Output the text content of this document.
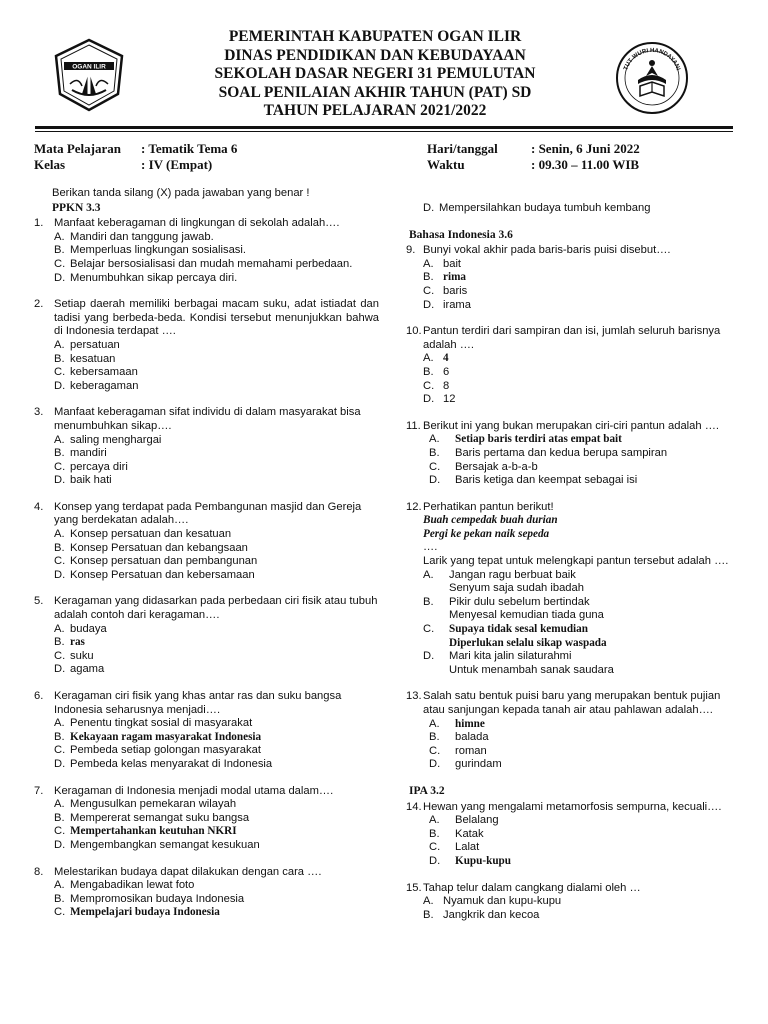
OGAN ILIR
PEMERINTAH KABUPATEN OGAN ILIR
DINAS PENDIDIKAN DAN KEBUDAYAAN
SEKOLAH DASAR NEGERI 31 PEMULUTAN
SOAL PENILAIAN AKHIR TAHUN (PAT) SD
TAHUN PELAJARAN 2021/2022
TUT WURI HANDAYANI
Mata Pelajaran : Tematik Tema 6
Kelas	: IV (Empat)
Hari/tanggal	: Senin, 6 Juni 2022
Waktu	: 09.30 – 11.00 WIB
Berikan tanda silang (X) pada jawaban yang benar !
PPKN 3.3
1. Manfaat keberagaman di lingkungan di sekolah adalah….
A. Mandiri dan tanggung jawab.
B. Memperluas lingkungan sosialisasi.
C. Belajar bersosialisasi dan mudah memahami perbedaan.
D. Menumbuhkan sikap percaya diri.
2. Setiap daerah memiliki berbagai macam suku, adat istiadat dan tadisi yang berbeda-beda. Kondisi tersebut menunjukkan bahwa di Indonesia terdapat ….
A. persatuan
B. kesatuan
C. kebersamaan
D. keberagaman
3. Manfaat keberagaman sifat individu di dalam masyarakat bisa menumbuhkan sikap….
A. saling menghargai
B. mandiri
C. percaya diri
D. baik hati
4. Konsep yang terdapat pada Pembangunan masjid dan Gereja yang berdekatan adalah….
A. Konsep persatuan dan kesatuan
B. Konsep Persatuan dan kebangsaan
C. Konsep persatuan dan pembangunan
D. Konsep Persatuan dan kebersamaan
5. Keragaman yang didasarkan pada perbedaan ciri fisik atau tubuh adalah contoh dari keragaman….
A. budaya
B. ras
C. suku
D. agama
6. Keragaman ciri fisik yang khas antar ras dan suku bangsa Indonesia seharusnya menjadi….
A. Penentu tingkat sosial di masyarakat
B. Kekayaan ragam masyarakat Indonesia
C. Pembeda setiap golongan masyarakat
D. Pembeda kelas menyarakat di Indonesia
7. Keragaman di Indonesia menjadi modal utama dalam….
A. Mengusulkan pemekaran wilayah
B. Mempererat semangat suku bangsa
C. Mempertahankan keutuhan NKRI
D. Mengembangkan semangat kesukuan
8. Melestarikan budaya dapat dilakukan dengan cara ….
A. Mengabadikan lewat foto
B. Mempromosikan budaya Indonesia
C. Mempelajari budaya Indonesia
D. Mempersilahkan budaya tumbuh kembang
Bahasa Indonesia 3.6
9. Bunyi vokal akhir pada baris-baris puisi disebut….
A. bait
B. rima
C. baris
D. irama
10. Pantun terdiri dari sampiran dan isi, jumlah seluruh barisnya adalah ….
A. 4
B. 6
C. 8
D. 12
11. Berikut ini yang bukan merupakan ciri-ciri pantun adalah ….
A.	Setiap baris terdiri atas empat bait
B.	Baris pertama dan kedua berupa sampiran
C.	Bersajak a-b-a-b
D.	Baris ketiga dan keempat sebagai isi
12. Perhatikan pantun berikut!
Buah cempedak buah durian
Pergi ke pekan naik sepeda
….
Larik yang tepat untuk melengkapi pantun tersebut adalah ….
A.	Jangan ragu berbuat baik
Senyum saja sudah ibadah
B.	Pikir dulu sebelum bertindak
Menyesal kemudian tiada guna
C.	Supaya tidak sesal kemudian
Diperlukan selalu sikap waspada
D.	Mari kita jalin silaturahmi
Untuk menambah sanak saudara
13. Salah satu bentuk puisi baru yang merupakan bentuk pujian atau sanjungan kepada tanah air atau pahlawan adalah….
A.	himne
B.	balada
C.	roman
D.	gurindam
IPA 3.2
14. Hewan yang mengalami metamorfosis sempurna, kecuali….
A.	Belalang
B.	Katak
C.	Lalat
D.	Kupu-kupu
15. Tahap telur dalam cangkang dialami oleh …
A. Nyamuk dan kupu-kupu
B. Jangkrik dan kecoa
